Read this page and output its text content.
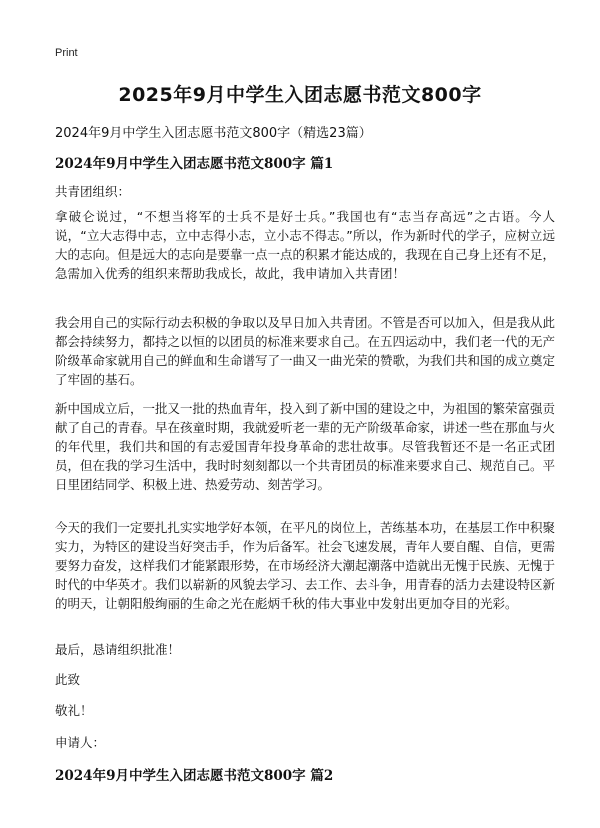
Print
2025年9月中学生入团志愿书范文800字
2024年9月中学生入团志愿书范文800字（精选23篇）
2024年9月中学生入团志愿书范文800字 篇1
共青团组织：

拿破仑说过，“不想当将军的士兵不是好士兵。”我国也有“志当存高远”之古语。今人说，“立大志得中志，立中志得小志，立小志不得志。”所以，作为新时代的学子，应树立远大的志向。但是远大的志向是要靠一点一点的积累才能达成的，我现在自己身上还有不足，急需加入优秀的组织来帮助我成长，故此，我申请加入共青团！

我会用自己的实际行动去积极的争取以及早日加入共青团。不管是否可以加入，但是我从此都会持续努力，都持之以恒的以团员的标准来要求自己。在五四运动中，我们老一代的无产阶级革命家就用自己的鲜血和生命谱写了一曲又一曲光荣的赞歌，为我们共和国的成立奠定了牢固的基石。

新中国成立后，一批又一批的热血青年，投入到了新中国的建设之中，为祖国的繁荣富强贡献了自己的青春。早在孩童时期，我就爱听老一辈的无产阶级革命家，讲述一些在那血与火的年代里，我们共和国的有志爱国青年投身革命的悲壮故事。尽管我暂还不是一名正式团员，但在我的学习生活中，我时时刻刻都以一个共青团员的标准来要求自己、规范自己。平日里团结同学、积极上进、热爱劳动、刻苦学习。

今天的我们一定要扎扎实实地学好本领，在平凡的岗位上，苦练基本功，在基层工作中积聚实力，为特区的建设当好突击手，作为后备军。社会飞速发展，青年人要自醒、自信，更需要努力奋发，这样我们才能紧跟形势，在市场经济大潮起潮落中造就出无愧于民族、无愧于时代的中华英才。我们以崭新的风貌去学习、去工作、去斗争，用青春的活力去建设特区新的明天，让朝阳般绚丽的生命之光在彪炳千秋的伟大事业中发射出更加夺目的光彩。

最后，恳请组织批准！
此致
敬礼！
申请人：
2024年9月中学生入团志愿书范文800字 篇2
